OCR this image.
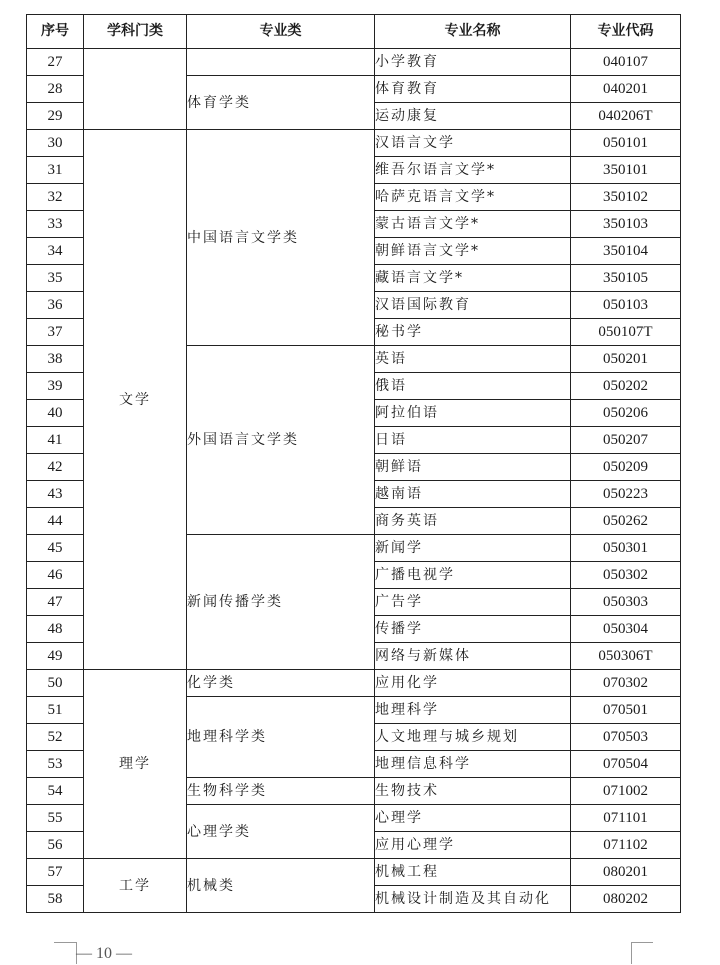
序号	学科门类	专业类	专业名称	专业代码
27			小学教育	040107
28		体育学类	体育教育	040201
29			运动康复	040206T
30	文学	中国语言文学类	汉语言文学	050101
31			维吾尔语言文学*	350101
32			哈萨克语言文学*	350102
33			蒙古语言文学*	350103
34			朝鲜语言文学*	350104
35			藏语言文学*	350105
36			汉语国际教育	050103
37			秘书学	050107T
38		外国语言文学类	英语	050201
39			俄语	050202
40			阿拉伯语	050206
41			日语	050207
42			朝鲜语	050209
43			越南语	050223
44			商务英语	050262
45		新闻传播学类	新闻学	050301
46			广播电视学	050302
47			广告学	050303
48			传播学	050304
49			网络与新媒体	050306T
50	理学	化学类	应用化学	070302
51		地理科学类	地理科学	070501
52			人文地理与城乡规划	070503
53			地理信息科学	070504
54		生物科学类	生物技术	071002
55		心理学类	心理学	071101
56			应用心理学	071102
57	工学	机械类	机械工程	080201
58			机械设计制造及其自动化	080202
— 10 —
